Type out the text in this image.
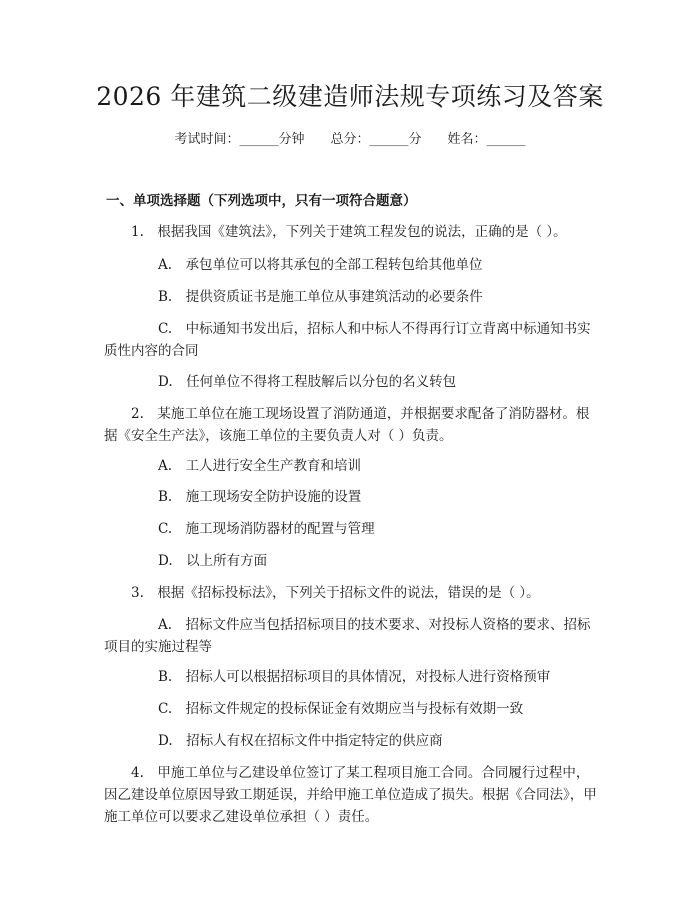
2026 年建筑二级建造师法规专项练习及答案
考试时间：______分钟 总分：______分 姓名：______
一、单项选择题（下列选项中，只有一项符合题意）
1.　根据我国《建筑法》，下列关于建筑工程发包的说法，正确的是（ ）。
A.　承包单位可以将其承包的全部工程转包给其他单位
B.　提供资质证书是施工单位从事建筑活动的必要条件
C.　中标通知书发出后，招标人和中标人不得再行订立背离中标通知书实质性内容的合同
D.　任何单位不得将工程肢解后以分包的名义转包
2.　某施工单位在施工现场设置了消防通道，并根据要求配备了消防器材。根据《安全生产法》，该施工单位的主要负责人对（ ）负责。
A.　工人进行安全生产教育和培训
B.　施工现场安全防护设施的设置
C.　施工现场消防器材的配置与管理
D.　以上所有方面
3.　根据《招标投标法》，下列关于招标文件的说法，错误的是（ ）。
A.　招标文件应当包括招标项目的技术要求、对投标人资格的要求、招标项目的实施过程等
B.　招标人可以根据招标项目的具体情况，对投标人进行资格预审
C.　招标文件规定的投标保证金有效期应当与投标有效期一致
D.　招标人有权在招标文件中指定特定的供应商
4.　甲施工单位与乙建设单位签订了某工程项目施工合同。合同履行过程中，因乙建设单位原因导致工期延误，并给甲施工单位造成了损失。根据《合同法》，甲施工单位可以要求乙建设单位承担（ ）责任。
